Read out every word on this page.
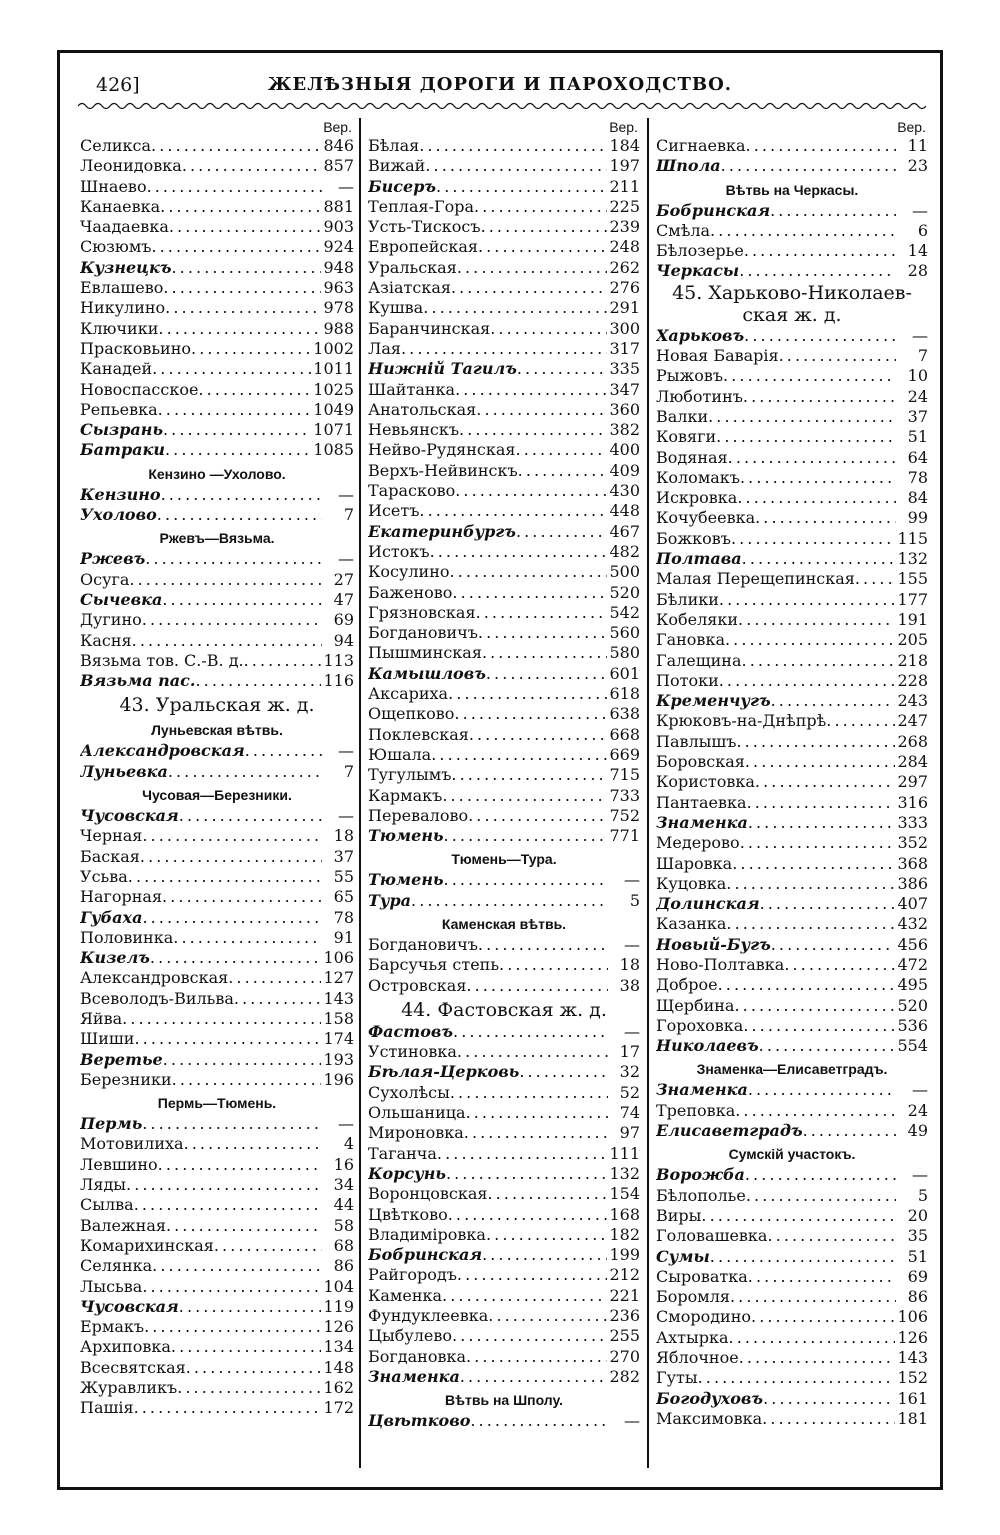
426]	ЖЕЛѢЗНЫЯ ДОРОГИ И ПАРОХОДСТВО.
Вер.
Селикса . . .	846
Леонидовка . . .	857
Шнаево . . .	—
Канаевка . . .	881
Чаадаевка . . .	903
Сюзюмъ . . .	924
Кузнецкъ . . .	948
Евлашево . . .	963
Никулино . . .	978
Ключики . . .	988
Прасковьино . . .	1002
Канадей . . .	1011
Новоспасское . . .	1025
Репьевка . . .	1049
Сызрань . . .	1071
Батраки . . .	1085
Кензино —Ухолово.
Кензино . . .	—
Ухолово . . .	7
Ржевъ—Вязьма.
Ржевъ . . .	—
Осуга . . .	27
Сычевка . . .	47
Дугино . . .	69
Касня . . .	94
Вязьма тов. С.-В. д. . . .	113
Вязьма пас. . . .	116
43. Уральская ж. д.
Луньевская вѣтвь.
Александровская . . .	—
Луньевка . . .	7
Чусовая—Березники.
Чусовская . . .	—
Черная . . .	18
Баская . . .	37
Усьва . . .	55
Нагорная . . .	65
Губаха . . .	78
Половинка . . .	91
Кизелъ . . .	106
Александровская . . .	127
Всеволодъ-Вильва . . .	143
Яйва . . .	158
Шиши . . .	174
Веретье . . .	193
Березники . . .	196
Пермь—Тюмень.
Пермь . . .	—
Мотовилиха . . .	4
Левшино . . .	16
Ляды . . .	34
Сылва . . .	44
Валежная . . .	58
Комарихинская . . .	68
Селянка . . .	86
Лысьва . . .	104
Чусовская . . .	119
Ермакъ . . .	126
Архиповка . . .	134
Всесвятская . . .	148
Журавликъ . . .	162
Пашія . . .	172
Вер.
Бѣлая . . .	184
Вижай . . .	197
Бисеръ . . .	211
Теплая-Гора . . .	225
Усть-Тискосъ . . .	239
Европейская . . .	248
Уральская . . .	262
Азіатская . . .	276
Кушва . . .	291
Баранчинская . . .	300
Лая . . .	317
Нижній Тагилъ . . .	335
Шайтанка . . .	347
Анатольская . . .	360
Невьянскъ . . .	382
Нейво-Рудянская . . .	400
Верхъ-Нейвинскъ . . .	409
Тараскoвo . . .	430
Исетъ . . .	448
Екатеринбургъ . . .	467
Истокъ . . .	482
Косулино . . .	500
Баженово . . .	520
Грязновская . . .	542
Богдановичъ . . .	560
Пышминская . . .	580
Камышловъ . . .	601
Аксариха . . .	618
Ощепково . . .	638
Поклевская . . .	668
Юшала . . .	669
Тугулымъ . . .	715
Кармакъ . . .	733
Перевалово . . .	752
Тюмень . . .	771
Тюмень—Тура.
Тюмень . . .	—
Тура . . .	5
Каменская вѣтвь.
Богдановичъ . . .	—
Барсучья степь . . .	18
Островская . . .	38
44. Фастовская ж. д.
Фастовъ . . .	—
Устиновка . . .	17
Бѣлая-Церковь . . .	32
Сухолѣсы . . .	52
Ольшаница . . .	74
Мироновка . . .	97
Таганча . . .	111
Корсунь . . .	132
Воронцовская . . .	154
Цвѣтково . . .	168
Владиміровка . . .	182
Бобринская . . .	199
Райгородъ . . .	212
Каменка . . .	221
Фундуклеевка . . .	236
Цыбулево . . .	255
Богдановка . . .	270
Знаменка . . .	282
Вѣтвь на Шполу.
Цвѣтково . . .	—
Вер.
Сигнаевка . . .	11
Шпола . . .	23
Вѣтвь на Черкасы.
Бобринская . . .	—
Смѣла . . .	6
Бѣлозерье . . .	14
Черкасы . . .	28
45. Харьково-Николаев-
ская ж. д.
Харьковъ . . .	—
Новая Баварія . . .	7
Рыжовъ . . .	10
Люботинъ . . .	24
Валки . . .	37
Ковяги . . .	51
Водяная . . .	64
Коломакъ . . .	78
Искровка . . .	84
Кочубеевка . . .	99
Божковъ . . .	115
Полтава . . .	132
Малая Перещепинская . . .	155
Бѣлики . . .	177
Кобеляки . . .	191
Гановка . . .	205
Галещина . . .	218
Потоки . . .	228
Кременчугъ . . .	243
Крюковъ-на-Днѣпрѣ . . .	247
Павлышъ . . .	268
Боровская . . .	284
Користовка . . .	297
Пантаевка . . .	316
Знаменка . . .	333
Медерово . . .	352
Шаровка . . .	368
Куцовка . . .	386
Долинская . . .	407
Казанка . . .	432
Новый-Бугъ . . .	456
Ново-Полтавка . . .	472
Доброе . . .	495
Щербина . . .	520
Гороховка . . .	536
Николаевъ . . .	554
Знаменка—Елисаветградъ.
Знаменка . . .	—
Треповка . . .	24
Елисаветградъ . . .	49
Сумскій участокъ.
Ворожба . . .	—
Бѣлополье . . .	5
Виры . . .	20
Головашевка . . .	35
Сумы . . .	51
Сыроватка . . .	69
Боромля . . .	86
Смородино . . .	106
Ахтырка . . .	126
Яблочное . . .	143
Гуты . . .	152
Богодуховъ . . .	161
Максимовка . . .	181
